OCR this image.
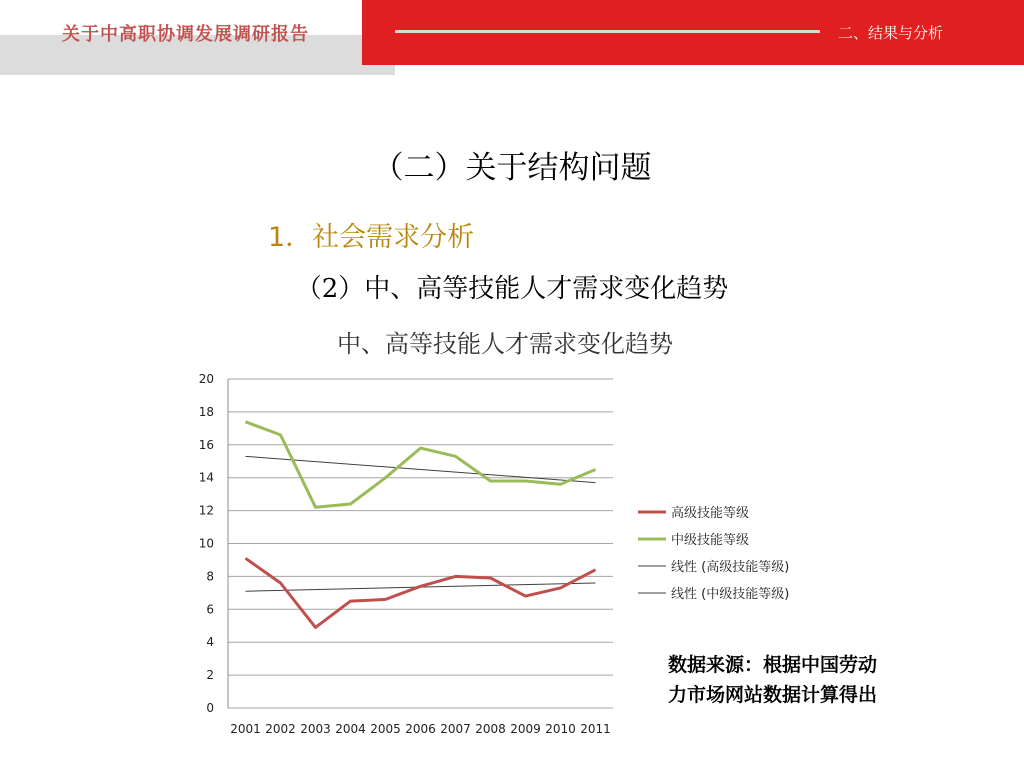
关于中高职协调发展调研报告	二、结果与分析
（二）关于结构问题
1．社会需求分析
（2）中、高等技能人才需求变化趋势
中、高等技能人才需求变化趋势
0
2
4
6
8
10
12
14
16
18
20
2001 2002 2003 2004 2005 2006 2007 2008 2009 2010 2011
高级技能等级
中级技能等级
线性 (高级技能等级)
线性 (中级技能等级)
数据来源：根据中国劳动
力市场网站数据计算得出
